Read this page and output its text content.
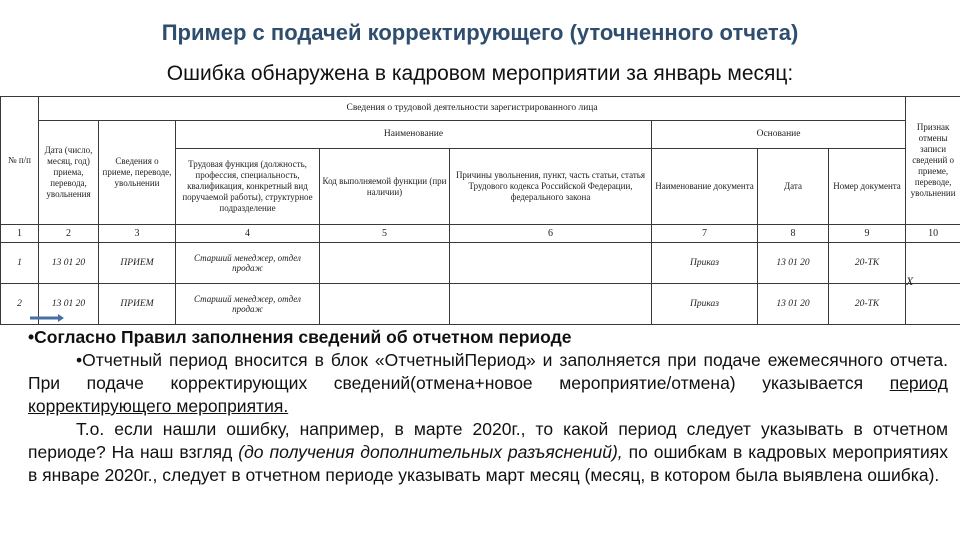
Пример с подачей корректирующего (уточненного отчета)
Ошибка обнаружена в кадровом мероприятии за январь месяц:
№ п/п	Сведения о трудовой деятельности зарегистрированного лица								Признак отмены записи сведений о приеме, переводе, увольнении
	Дата (число, месяц, год) приема, перевода, увольнения	Сведения о приеме, переводе, увольнении	Наименование			Основание			
			Трудовая функция (должность, профессия, специальность, квалификация, конкретный вид поручаемой работы), структурное подразделение	Код выполняемой функции (при наличии)	Причины увольнения, пункт, часть статьи, статья Трудового кодекса Российской Федерации, федерального закона	Наименование документа	Дата	Номер документа	
1	2	3	4	5	6	7	8	9	10
1	13 01 20	ПРИЕМ	Старший менеджер, отдел продаж			Приказ	13 01 20	20-ТК	
2	13 01 20	ПРИЕМ	Старший менеджер, отдел продаж			Приказ	13 01 20	20-ТК	
X

•Согласно Правил заполнения сведений об отчетном периоде

•Отчетный период вносится в блок «ОтчетныйПериод» и заполняется при подаче ежемесячного отчета. При подаче корректирующих сведений(отмена+новое мероприятие/отмена) указывается период корректирующего мероприятия.

Т.о. если нашли ошибку, например, в марте 2020г., то какой период следует указывать в отчетном периоде? На наш взгляд (до получения дополнительных разъяснений), по ошибкам в кадровых мероприятиях в январе 2020г., следует в отчетном периоде указывать март месяц (месяц, в котором была выявлена ошибка).
